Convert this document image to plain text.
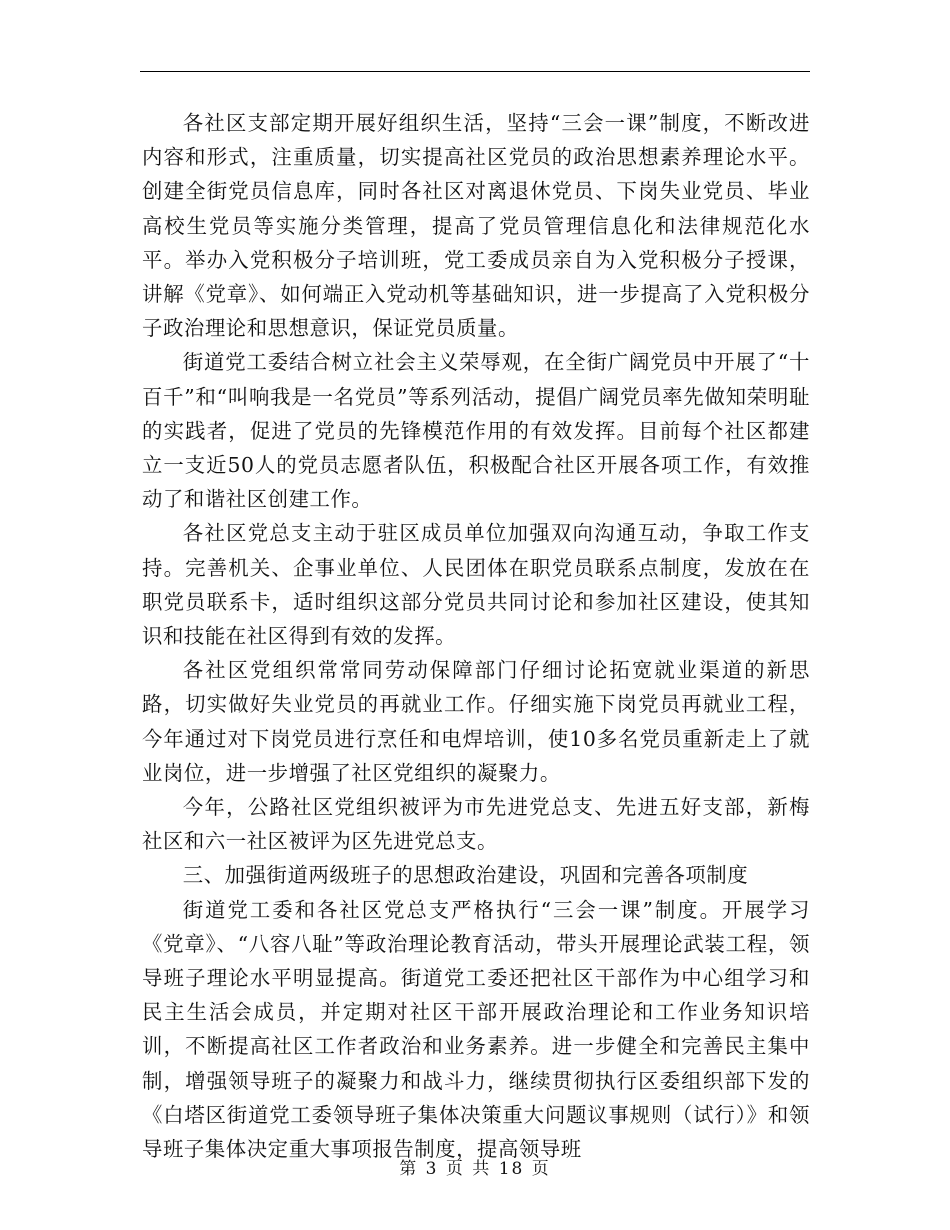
各社区支部定期开展好组织生活，坚持“三会一课”制度，不断改进内容和形式，注重质量，切实提高社区党员的政治思想素养理论水平。创建全街党员信息库，同时各社区对离退休党员、下岗失业党员、毕业高校生党员等实施分类管理，提高了党员管理信息化和法律规范化水平。举办入党积极分子培训班，党工委成员亲自为入党积极分子授课，讲解《党章》、如何端正入党动机等基础知识，进一步提高了入党积极分子政治理论和思想意识，保证党员质量。

街道党工委结合树立社会主义荣辱观，在全街广阔党员中开展了“十百千”和“叫响我是一名党员”等系列活动，提倡广阔党员率先做知荣明耻的实践者，促进了党员的先锋模范作用的有效发挥。目前每个社区都建立一支近50人的党员志愿者队伍，积极配合社区开展各项工作，有效推动了和谐社区创建工作。

各社区党总支主动于驻区成员单位加强双向沟通互动，争取工作支持。完善机关、企事业单位、人民团体在职党员联系点制度，发放在在职党员联系卡，适时组织这部分党员共同讨论和参加社区建设，使其知识和技能在社区得到有效的发挥。

各社区党组织常常同劳动保障部门仔细讨论拓宽就业渠道的新思路，切实做好失业党员的再就业工作。仔细实施下岗党员再就业工程，今年通过对下岗党员进行烹任和电焊培训，使10多名党员重新走上了就业岗位，进一步增强了社区党组织的凝聚力。

今年，公路社区党组织被评为市先进党总支、先进五好支部，新梅社区和六一社区被评为区先进党总支。

三、加强街道两级班子的思想政治建设，巩固和完善各项制度

街道党工委和各社区党总支严格执行“三会一课”制度。开展学习《党章》、“八容八耻”等政治理论教育活动，带头开展理论武装工程，领导班子理论水平明显提高。街道党工委还把社区干部作为中心组学习和民主生活会成员，并定期对社区干部开展政治理论和工作业务知识培训，不断提高社区工作者政治和业务素养。进一步健全和完善民主集中制，增强领导班子的凝聚力和战斗力，继续贯彻执行区委组织部下发的《白塔区街道党工委领导班子集体决策重大问题议事规则（试行）》和领导班子集体决定重大事项报告制度，提高领导班

第 3 页 共 18 页
